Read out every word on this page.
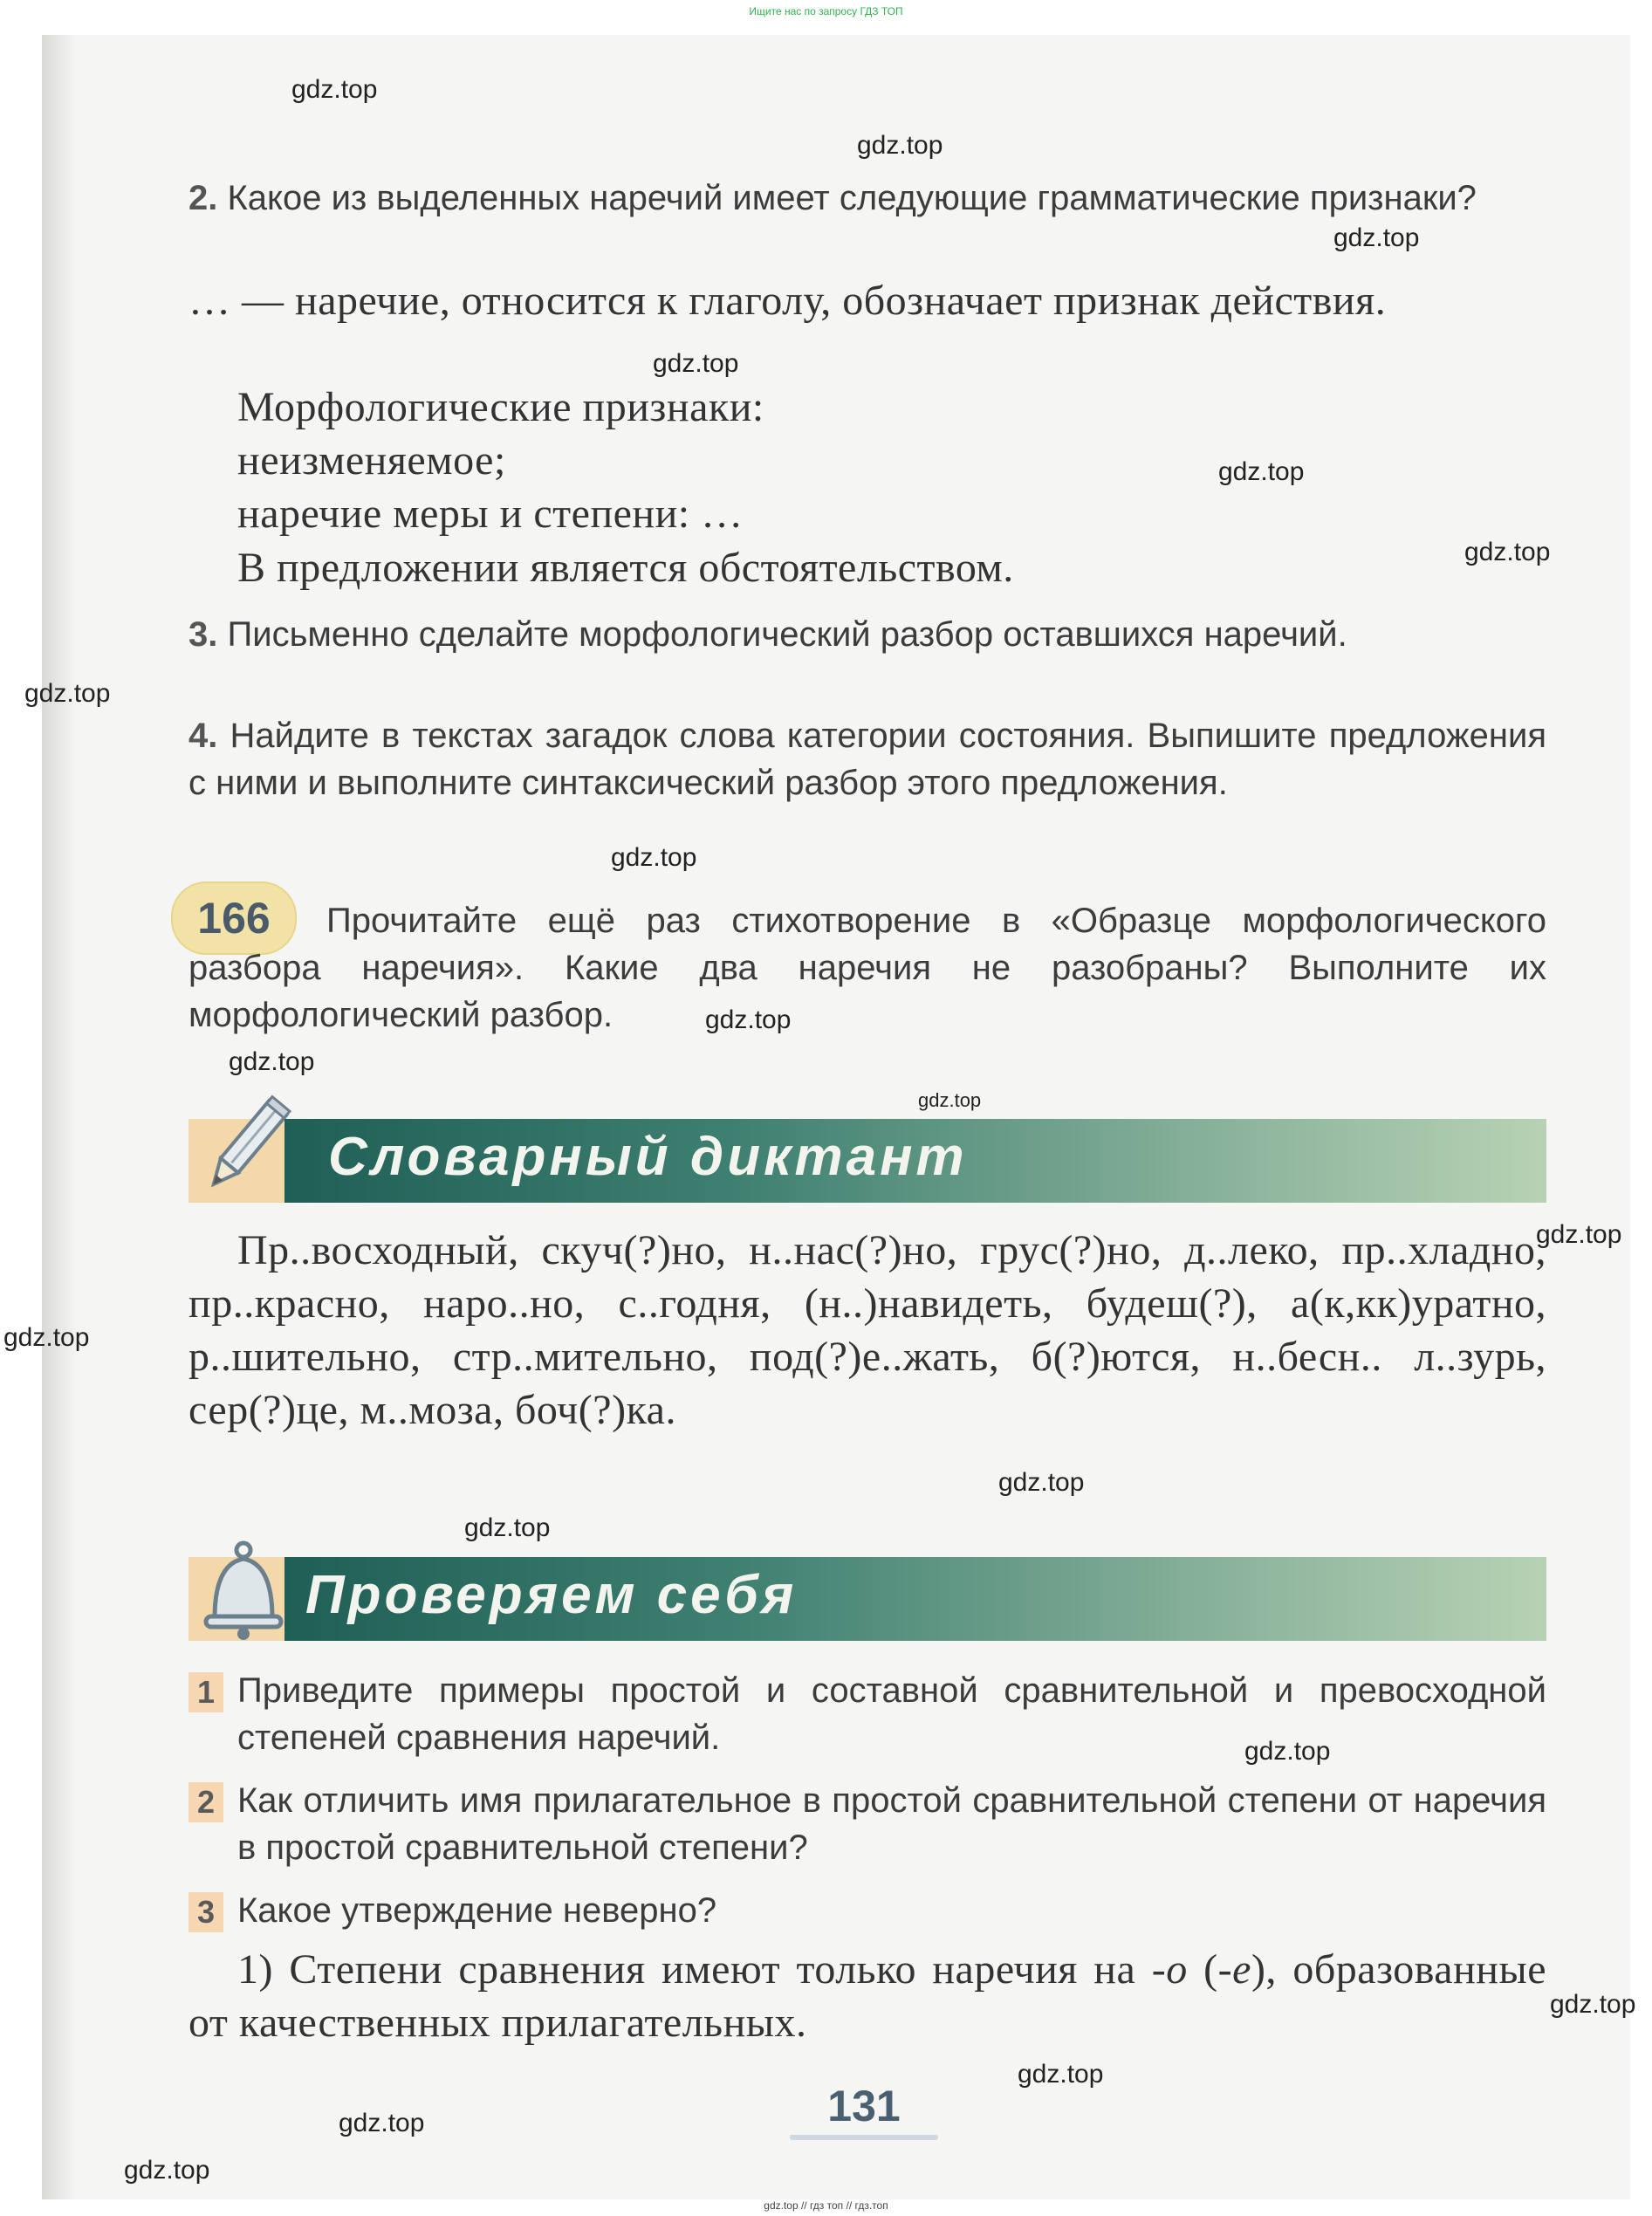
Ищите нас по запросу ГДЗ ТОП
gdz.top
gdz.top
gdz.top
gdz.top
gdz.top
gdz.top
gdz.top
gdz.top
gdz.top
gdz.top
gdz.top
gdz.top
gdz.top
gdz.top
gdz.top
gdz.top
gdz.top
gdz.top
gdz.top
gdz.top
2. Какое из выделенных наречий имеет следующие грамматические признаки?
… — наречие, относится к глаголу, обозначает признак действия.
Морфологические признаки:
неизменяемое;
наречие меры и степени: …
В предложении является обстоятельством.
3. Письменно сделайте морфологический разбор оставшихся наречий.
4. Найдите в текстах загадок слова категории состояния. Выпишите предложения с ними и выполните синтаксический разбор этого предложения.
166	Прочитайте ещё раз стихотворение в «Образце морфологического разбора наречия». Какие два наречия не разобраны? Выполните их морфологический разбор.
Словарный диктант
Пр..восходный, скуч(?)но, н..нас(?)но, грус(?)но, д..леко, пр..хладно, пр..красно, наро..но, с..годня, (н..)навидеть, будеш(?), а(к,кк)уратно, р..шительно, стр..мительно, под(?)е..жать, б(?)ются, н..бесн.. л..зурь, сер(?)це, м..моза, боч(?)ка.
Проверяем себя
1 Приведите примеры простой и составной сравнительной и превосходной степеней сравнения наречий.
2 Как отличить имя прилагательное в простой сравнительной степени от наречия в простой сравнительной степени?
3 Какое утверждение неверно?
1) Степени сравнения имеют только наречия на -о (-е), образованные от качественных прилагательных.
131
gdz.top // гдз топ // гдз.топ
